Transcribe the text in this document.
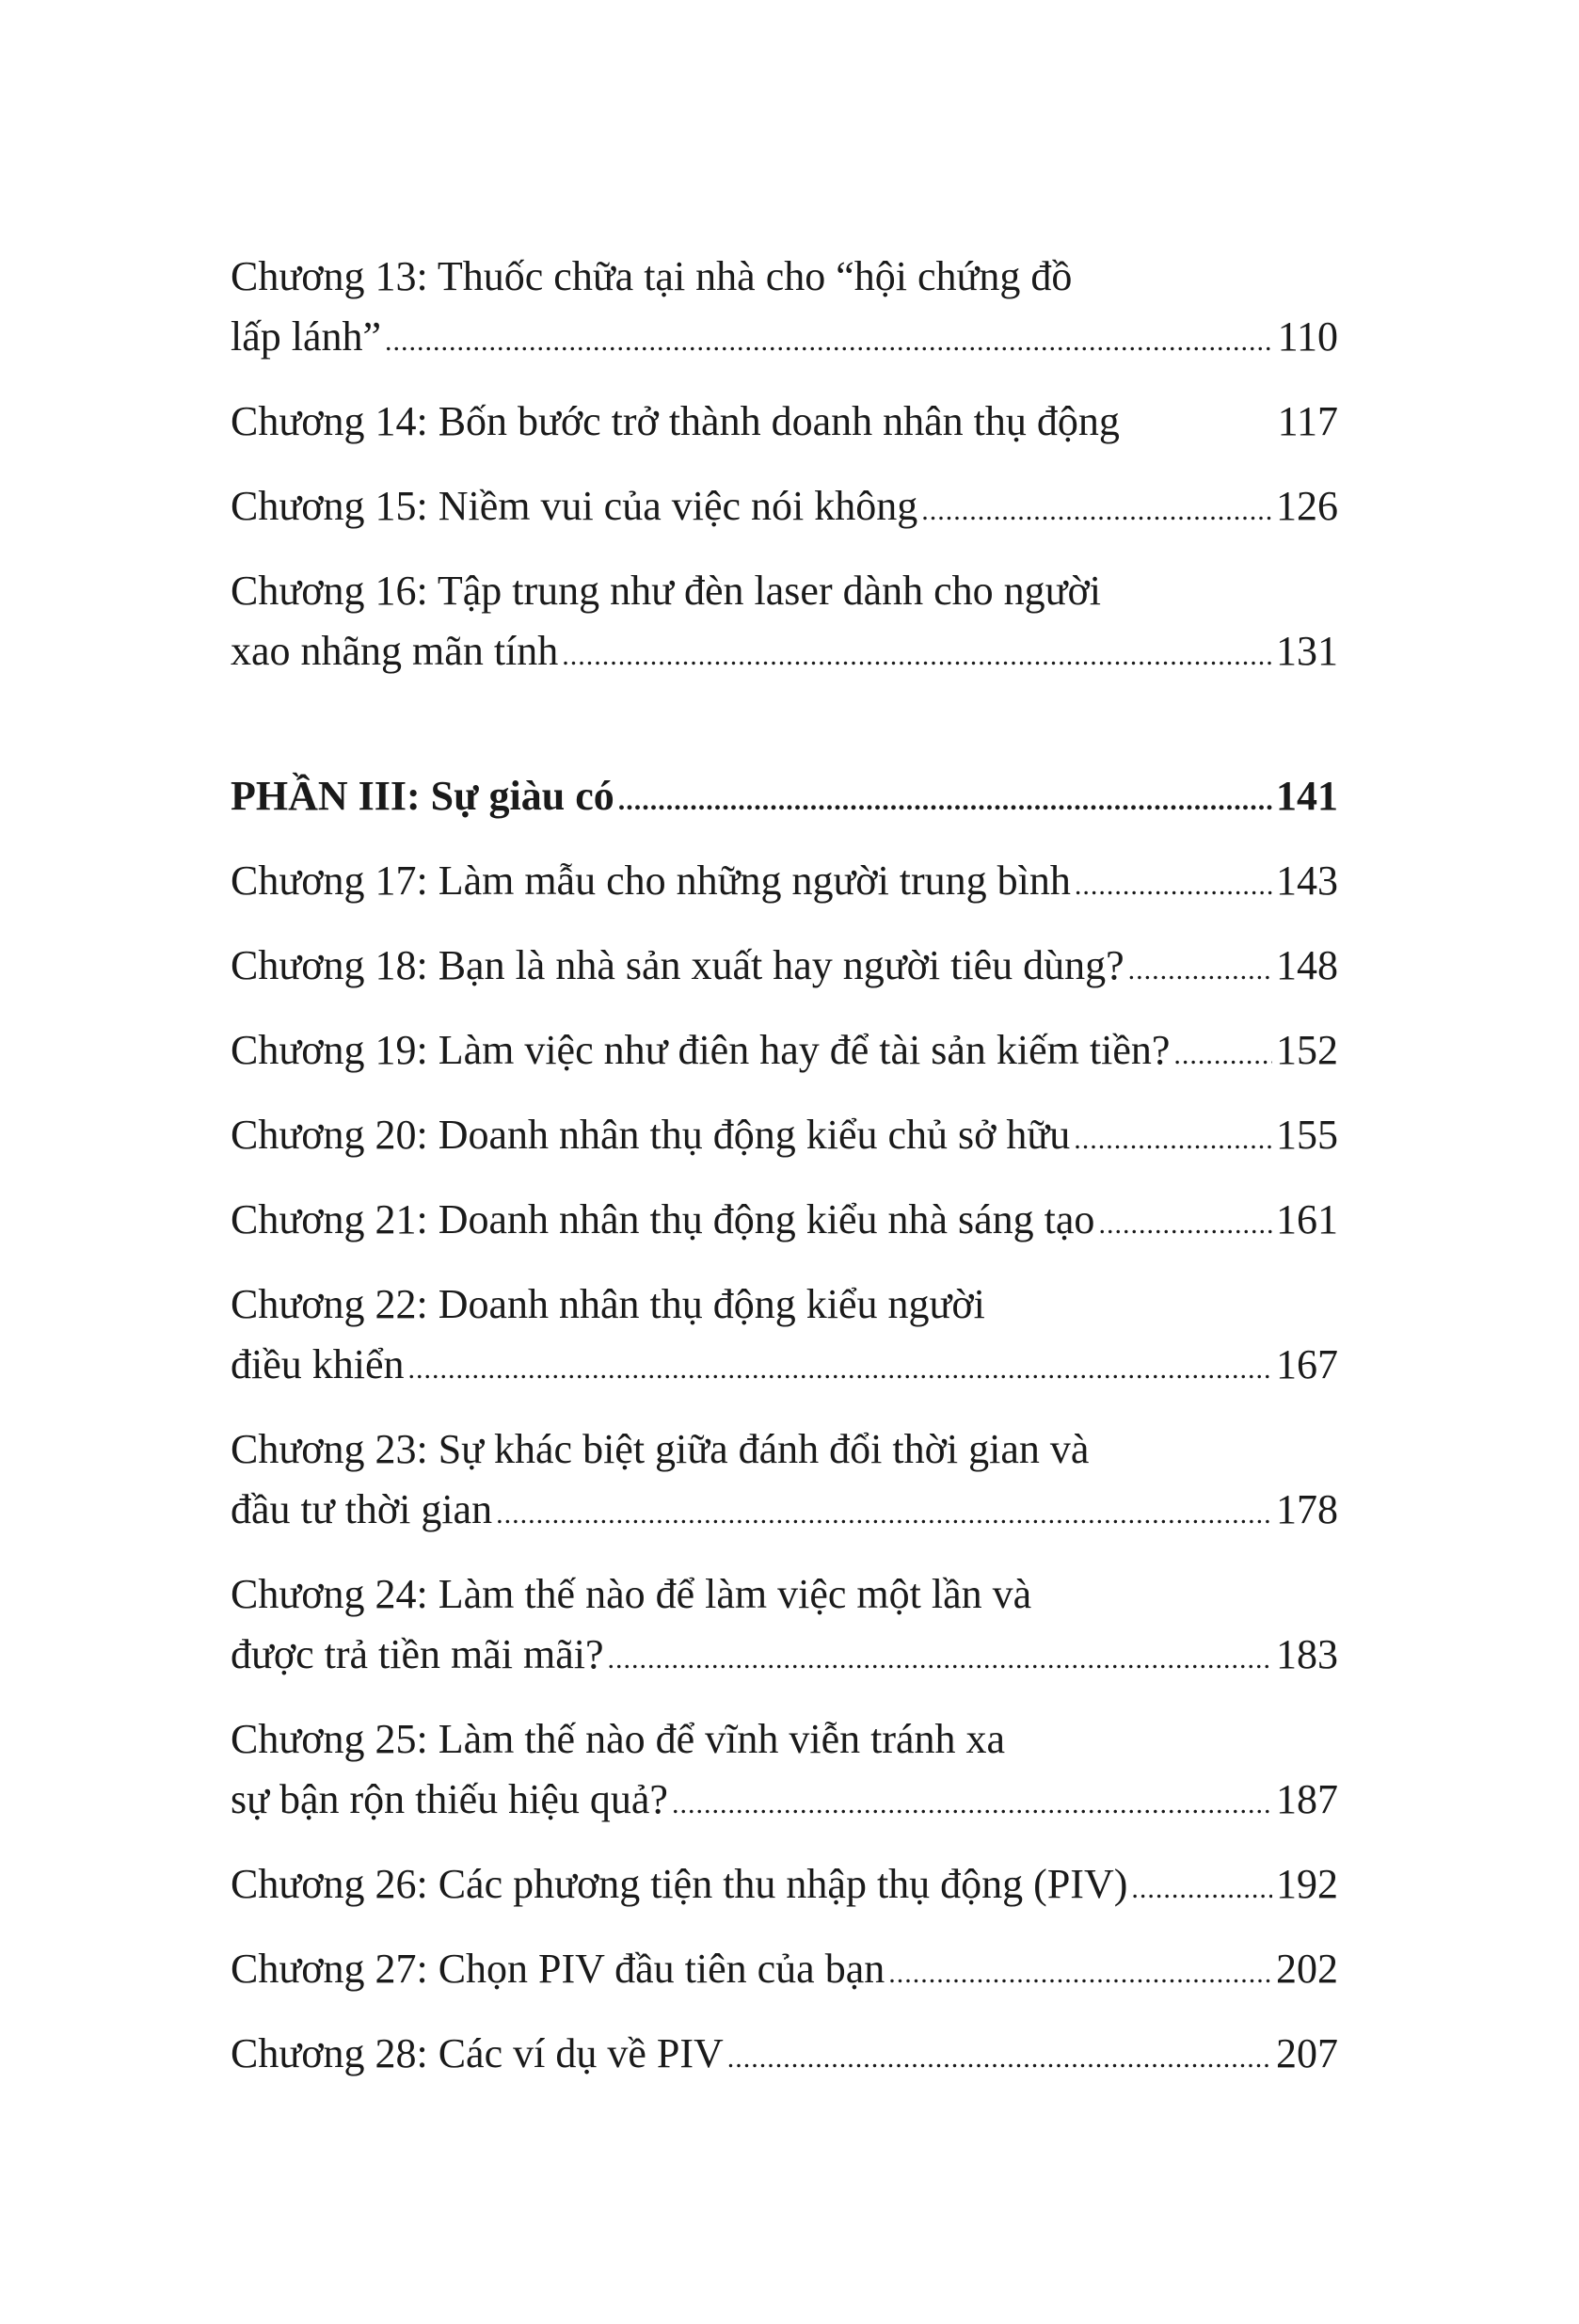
Chương 13: Thuốc chữa tại nhà cho “hội chứng đồ
lấp lánh” .....	110
Chương 14: Bốn bước trở thành doanh nhân thụ động	117
Chương 15: Niềm vui của việc nói không .....	126
Chương 16: Tập trung như đèn laser dành cho người
xao nhãng mãn tính .....	131
PHẦN III: Sự giàu có .....	141
Chương 17: Làm mẫu cho những người trung bình .....	143
Chương 18: Bạn là nhà sản xuất hay người tiêu dùng? .....	148
Chương 19: Làm việc như điên hay để tài sản kiếm tiền? .....	152
Chương 20: Doanh nhân thụ động kiểu chủ sở hữu .....	155
Chương 21: Doanh nhân thụ động kiểu nhà sáng tạo .....	161
Chương 22: Doanh nhân thụ động kiểu người
điều khiển .....	167
Chương 23: Sự khác biệt giữa đánh đổi thời gian và
đầu tư thời gian .....	178
Chương 24: Làm thế nào để làm việc một lần và
được trả tiền mãi mãi? .....	183
Chương 25: Làm thế nào để vĩnh viễn tránh xa
sự bận rộn thiếu hiệu quả? .....	187
Chương 26: Các phương tiện thu nhập thụ động (PIV) .....	192
Chương 27: Chọn PIV đầu tiên của bạn .....	202
Chương 28: Các ví dụ về PIV .....	207
